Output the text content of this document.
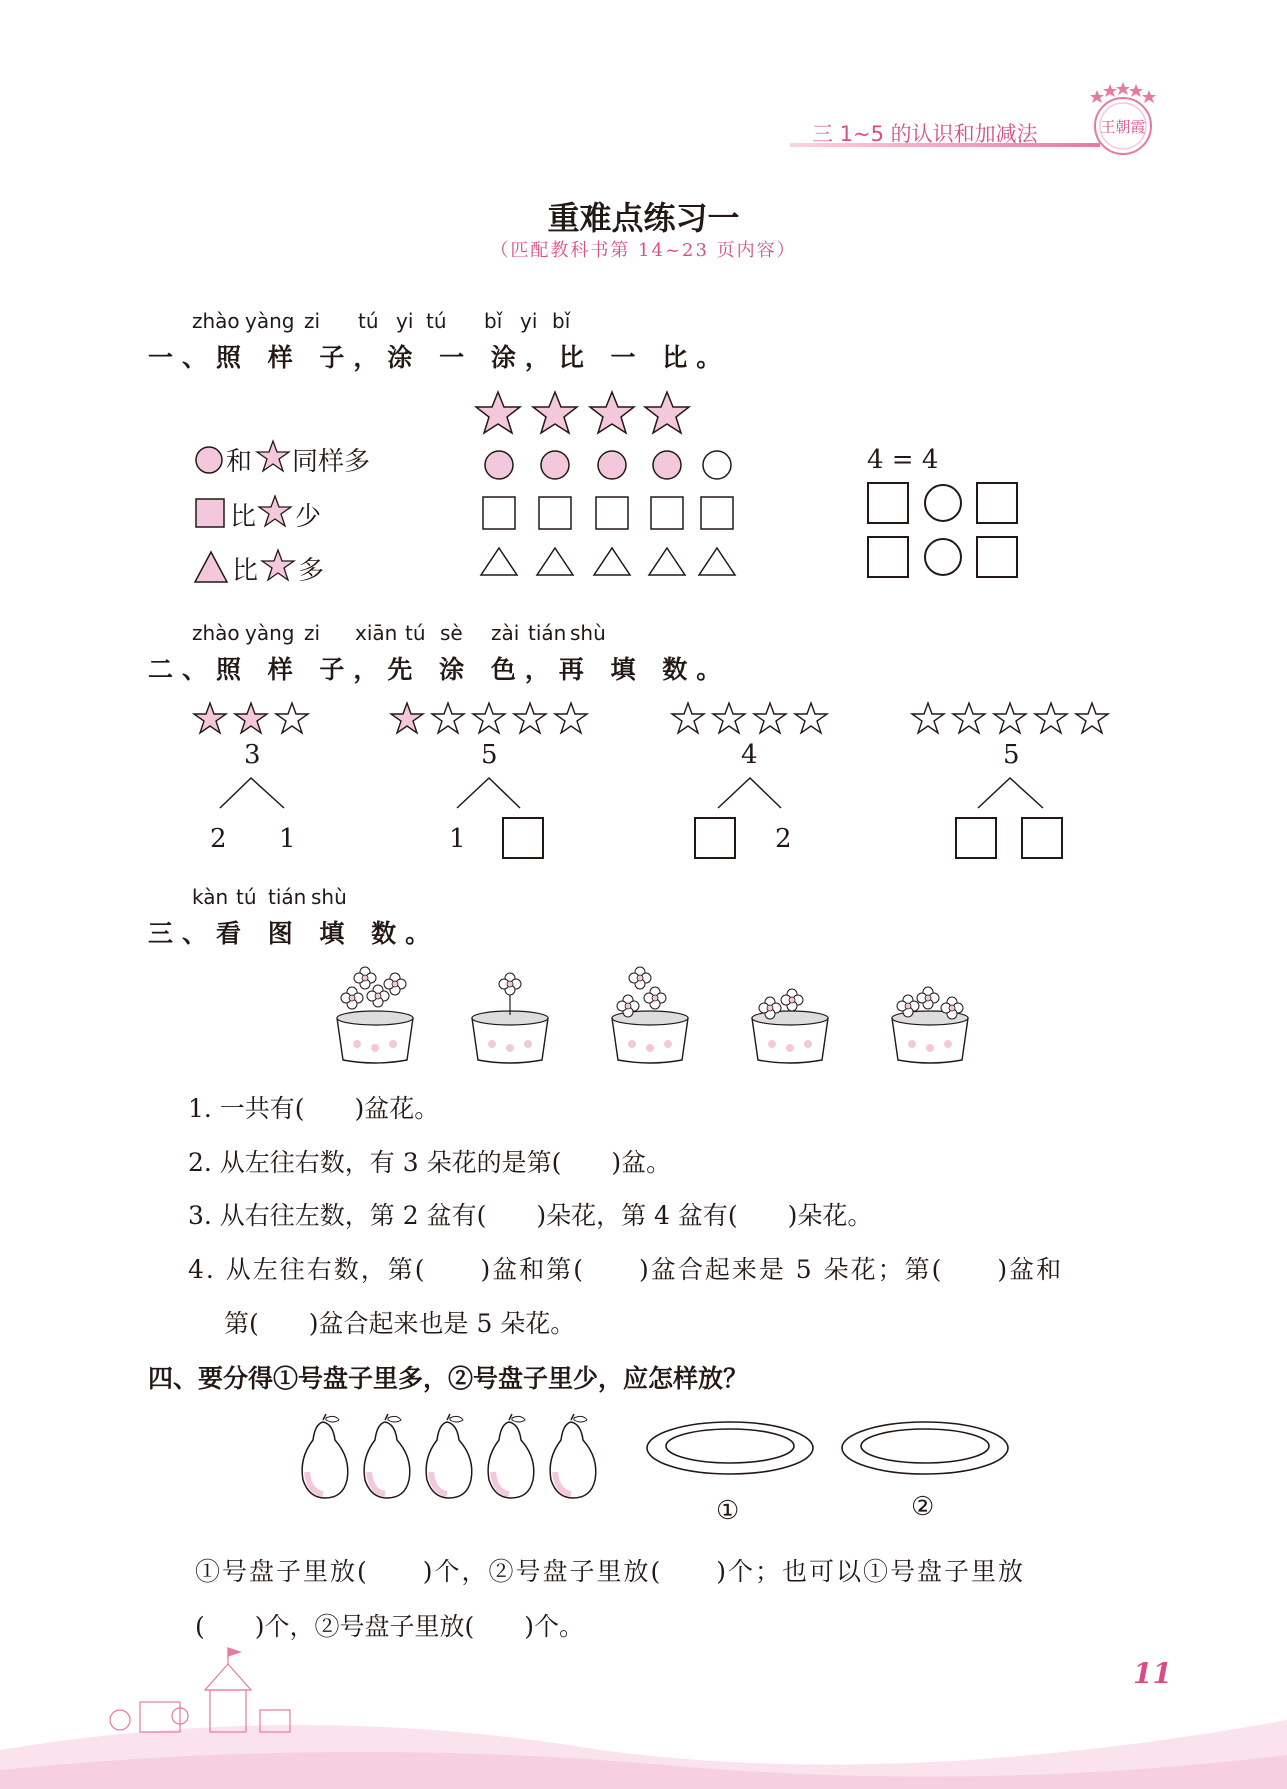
三 1~5 的认识和加减法	王朝霞
重难点练习一
（匹配教科书第 14~23 页内容）
zhào yàng zi tú yi tú bǐ yi bǐ
一、照 样 子，涂 一 涂，比 一 比。
和 同样多
比 少
比 多
4 = 4
zhào yàng zi xiān tú sè zài tián shù
二、照 样 子，先 涂 色，再 填 数。
3	5	4	5
2 1	1	2
kàn tú tián shù
三、看 图 填 数。
1. 一共有(　　)盆花。
2. 从左往右数，有 3 朵花的是第(　　)盆。
3. 从右往左数，第 2 盆有(　　)朵花，第 4 盆有(　　)朵花。
4. 从左往右数，第(　　)盆和第(　　)盆合起来是 5 朵花；第(　　)盆和
第(　　)盆合起来也是 5 朵花。
四、要分得①号盘子里多，②号盘子里少，应怎样放？
①	②
①号盘子里放(　　)个，②号盘子里放(　　)个；也可以①号盘子里放
(　　)个，②号盘子里放(　　)个。
11
